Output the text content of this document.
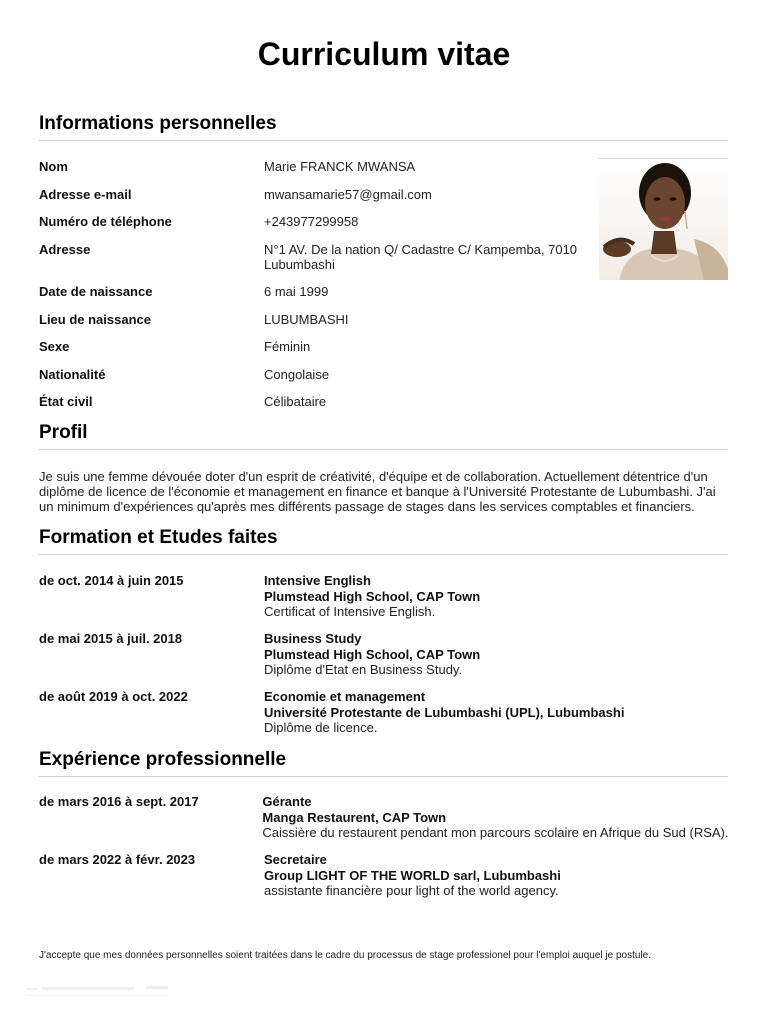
Curriculum vitae
Informations personnelles
Nom	Marie FRANCK MWANSA
Adresse e-mail	mwansamarie57@gmail.com
Numéro de téléphone	+243977299958
Adresse	N°1 AV. De la nation Q/ Cadastre C/ Kampemba, 7010 Lubumbashi
Date de naissance	6 mai 1999
Lieu de naissance	LUBUMBASHI
Sexe	Féminin
Nationalité	Congolaise
État civil	Célibataire
Profil
Je suis une femme dévouée doter d'un esprit de créativité, d'équipe et de collaboration. Actuellement détentrice d'un diplôme de licence de l'économie et management en finance et banque à l'Université Protestante de Lubumbashi. J'ai un minimum d'expériences qu'après mes différents passage de stages dans les services comptables et financiers.
Formation et Etudes faites
de oct. 2014 à juin 2015	Intensive English
Plumstead High School, CAP Town
Certificat of Intensive English.
de mai 2015 à juil. 2018	Business Study
Plumstead High School, CAP Town
Diplôme d'Etat en Business Study.
de août 2019 à oct. 2022	Economie et management
Université Protestante de Lubumbashi (UPL), Lubumbashi
Diplôme de licence.
Expérience professionnelle
de mars 2016 à sept. 2017	Gérante
Manga Restaurent, CAP Town
Caissière du restaurent pendant mon parcours scolaire en Afrique du Sud (RSA).
de mars 2022 à févr. 2023	Secretaire
Group LIGHT OF THE WORLD sarl, Lubumbashi
assistante financière pour light of the world agency.
J'accepte que mes données personnelles soient traitées dans le cadre du processus de stage professionel pour l'emploi auquel je postule.
